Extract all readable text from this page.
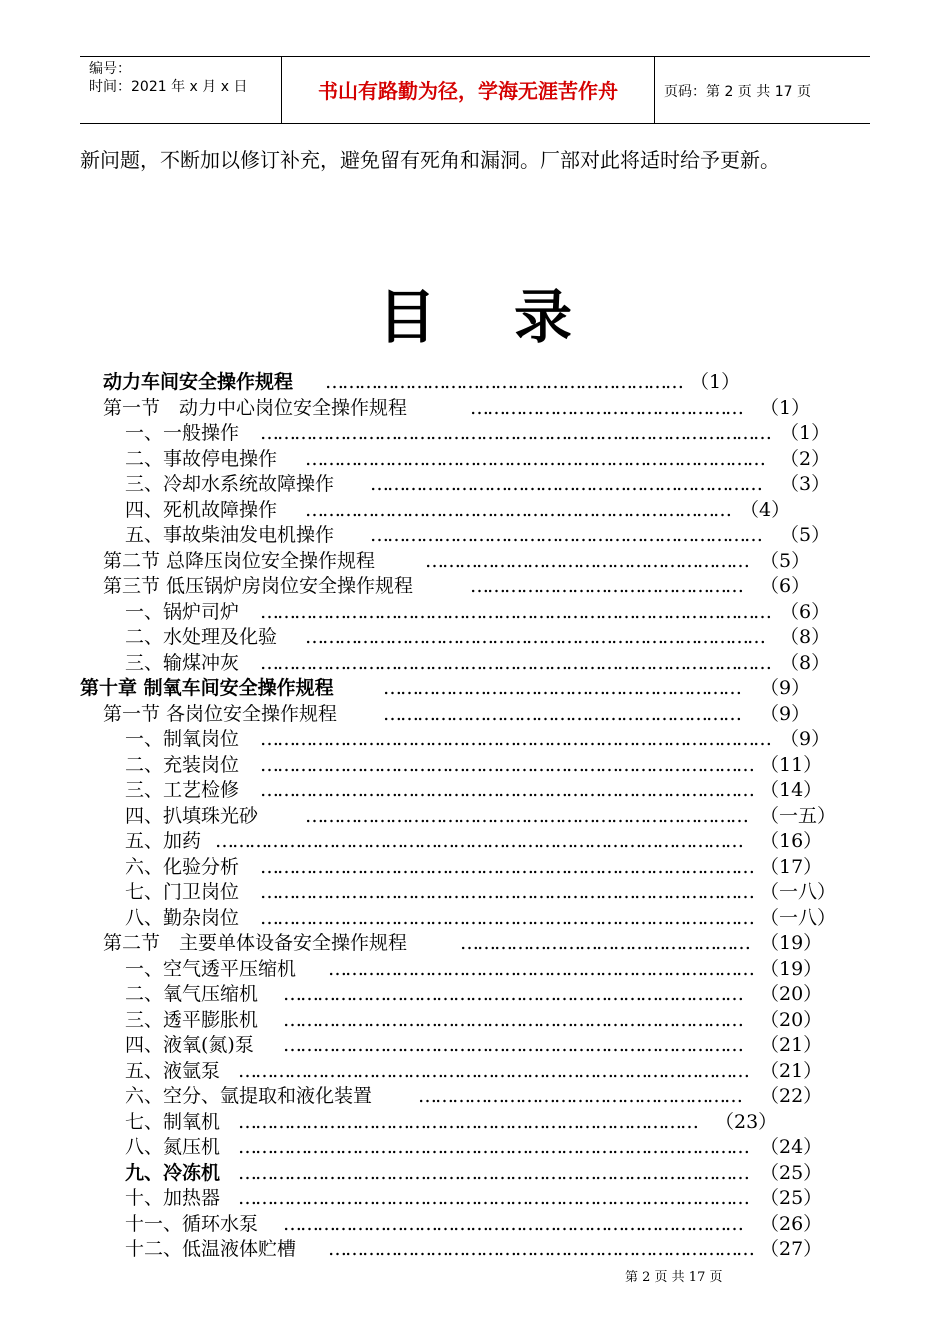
编号：
时间：2021 年 x 月 x 日	书山有路勤为径，学海无涯苦作舟	页码：第 2 页 共 17 页
新问题，不断加以修订补充，避免留有死角和漏洞。厂部对此将适时给予更新。
目录
动力车间安全操作规程 ……………………………………………………… （1）
第一节　动力中心岗位安全操作规程	………………………………………… （1）
一、一般操作 ……………………………………………………………………………… （1）
二、事故停电操作 ……………………………………………………………………… （2）
三、冷却水系统故障操作 …………………………………………………………… （3）
四、死机故障操作 ………………………………………………………………… （4）
五、事故柴油发电机操作 …………………………………………………………… （5）
第二节 总降压岗位安全操作规程	………………………………………………… （5）
第三节 低压锅炉房岗位安全操作规程	………………………………………… （6）
一、锅炉司炉 ……………………………………………………………………………… （6）
二、水处理及化验 ……………………………………………………………………… （8）
三、输煤冲灰 ……………………………………………………………………………… （8）
第十章 制氧车间安全操作规程	……………………………………………………… （9）
第一节 各岗位安全操作规程 ……………………………………………………… （9）
一、制氧岗位 ……………………………………………………………………………… （9）
二、充装岗位 …………………………………………………………………………… （11）
三、工艺检修 …………………………………………………………………………… （14）
四、扒填珠光砂 …………………………………………………………………… （一五）
五、加药 ………………………………………………………………………………… （16）
六、化验分析 …………………………………………………………………………… （17）
七、门卫岗位 …………………………………………………………………………… （一八）
八、勤杂岗位 …………………………………………………………………………… （一八）
第二节　主要单体设备安全操作规程	…………………………………………… （19）
一、空气透平压缩机 ………………………………………………………………… （19）
二、氧气压缩机 ……………………………………………………………………… （20）
三、透平膨胀机 ……………………………………………………………………… （20）
四、液氧(氮)泵 ……………………………………………………………………… （21）
五、液氩泵 ……………………………………………………………………………… （21）
六、空分、氩提取和液化装置 ………………………………………………… （22）
七、制氧机 ……………………………………………………………………… （23）
八、氮压机 ……………………………………………………………………………… （24）
九、冷冻机 ……………………………………………………………………………… （25）
十、加热器 ……………………………………………………………………………… （25）
十一、循环水泵 ……………………………………………………………………… （26）
十二、低温液体贮槽 ………………………………………………………………… （27）
第 2 页 共 17 页
